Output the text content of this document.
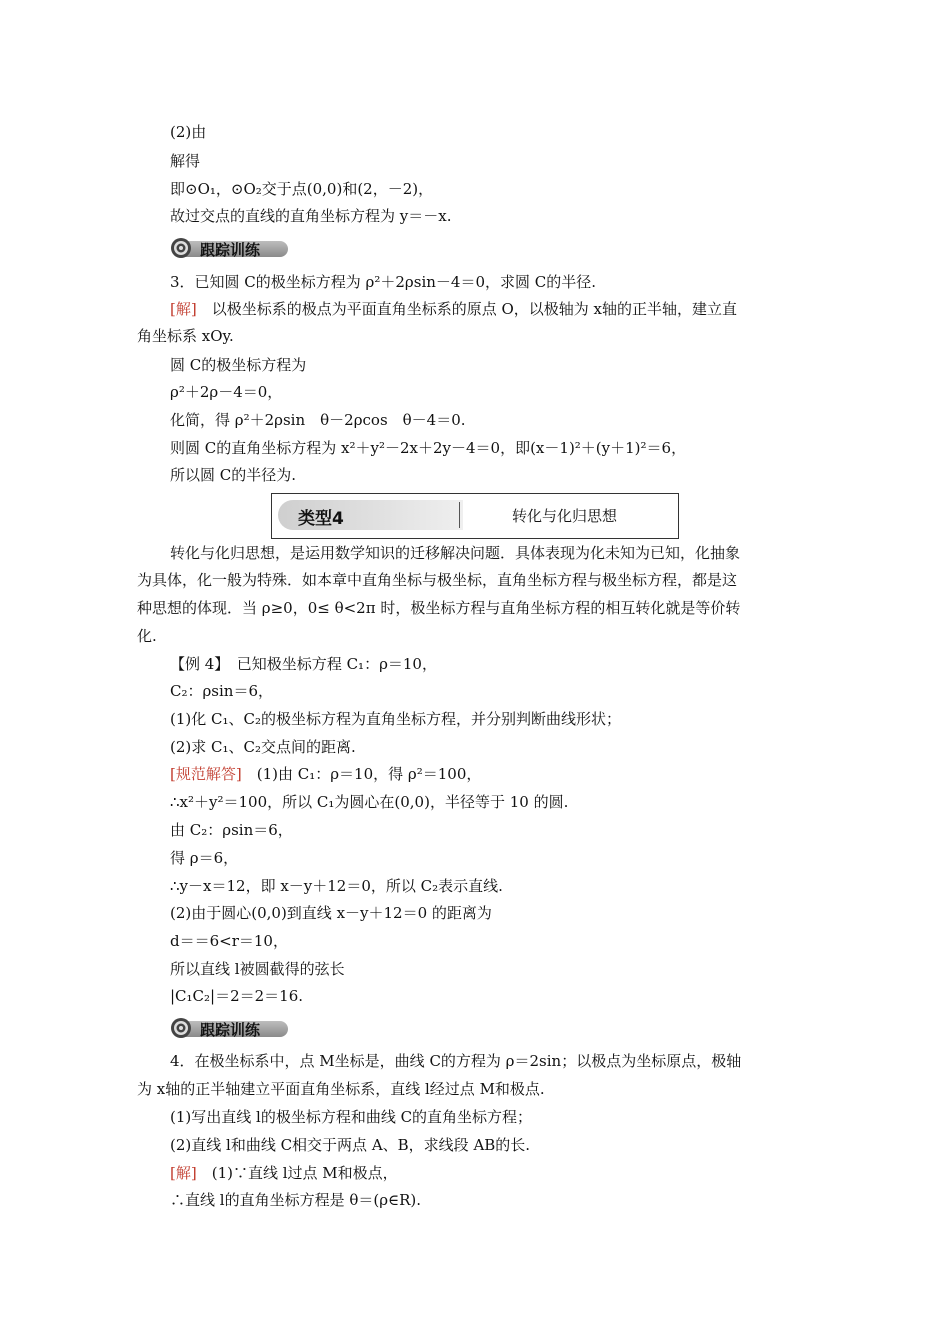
(2)由
解得
即⊙O₁，⊙O₂交于点(0,0)和(2，－2)，
故过交点的直线的直角坐标方程为 y＝－x.
跟踪训练
3．已知圆 C的极坐标方程为 ρ²＋2ρsin－4＝0，求圆 C的半径.
[解]　以极坐标系的极点为平面直角坐标系的原点 O，以极轴为 x轴的正半轴，建立直
角坐标系 xOy.
圆 C的极坐标方程为
ρ²＋2ρ－4＝0，
化简，得 ρ²＋2ρsin　θ－2ρcos　θ－4＝0.
则圆 C的直角坐标方程为 x²＋y²－2x＋2y－4＝0，即(x－1)²＋(y＋1)²＝6，
所以圆 C的半径为.
类型4	转化与化归思想
转化与化归思想，是运用数学知识的迁移解决问题．具体表现为化未知为已知，化抽象
为具体，化一般为特殊．如本章中直角坐标与极坐标，直角坐标方程与极坐标方程，都是这
种思想的体现．当 ρ≥0，0≤ θ<2π 时，极坐标方程与直角坐标方程的相互转化就是等价转
化.
【例 4】　已知极坐标方程 C₁：ρ＝10，
C₂：ρsin＝6，
(1)化 C₁、C₂的极坐标方程为直角坐标方程，并分别判断曲线形状；
(2)求 C₁、C₂交点间的距离.
[规范解答]　(1)由 C₁：ρ＝10，得 ρ²＝100，
∴x²＋y²＝100，所以 C₁为圆心在(0,0)，半径等于 10 的圆.
由 C₂：ρsin＝6，
得 ρ＝6，
∴y－x＝12，即 x－y＋12＝0，所以 C₂表示直线.
(2)由于圆心(0,0)到直线 x－y＋12＝0 的距离为
d＝＝6<r＝10，
所以直线 l被圆截得的弦长
|C₁C₂|＝2＝2＝16.
跟踪训练
4．在极坐标系中，点 M坐标是，曲线 C的方程为 ρ＝2sin；以极点为坐标原点，极轴
为 x轴的正半轴建立平面直角坐标系，直线 l经过点 M和极点.
(1)写出直线 l的极坐标方程和曲线 C的直角坐标方程；
(2)直线 l和曲线 C相交于两点 A、B，求线段 AB的长.
[解]　(1)∵直线 l过点 M和极点，
∴直线 l的直角坐标方程是 θ＝(ρ∈R).
